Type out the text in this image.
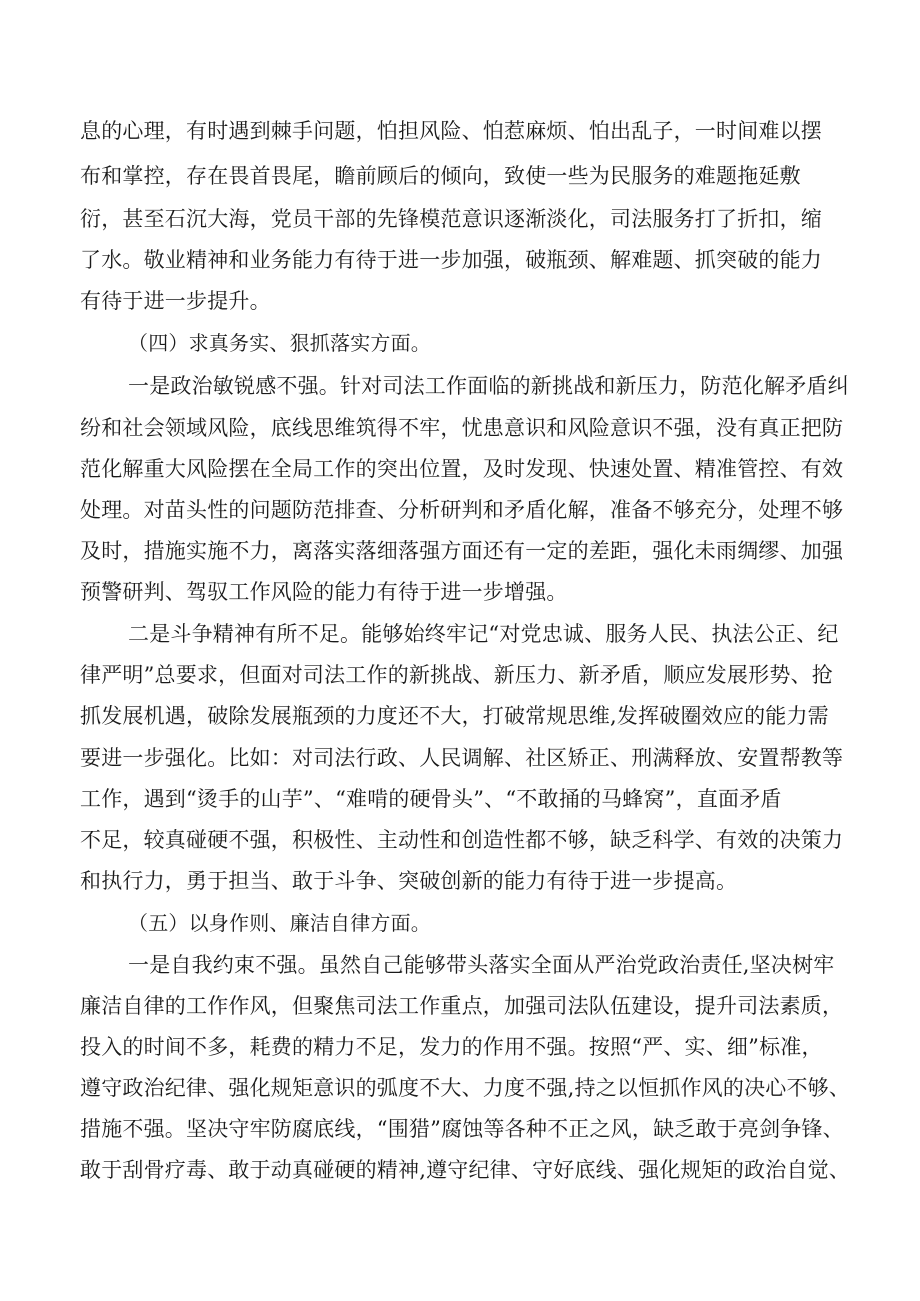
息的心理，有时遇到棘手问题，怕担风险、怕惹麻烦、怕出乱子，一时间难以摆
布和掌控，存在畏首畏尾，瞻前顾后的倾向，致使一些为民服务的难题拖延敷
衍，甚至石沉大海，党员干部的先锋模范意识逐渐淡化，司法服务打了折扣，缩
了水。敬业精神和业务能力有待于进一步加强，破瓶颈、解难题、抓突破的能力
有待于进一步提升。
（四）求真务实、狠抓落实方面。
一是政治敏锐感不强。针对司法工作面临的新挑战和新压力，防范化解矛盾纠
纷和社会领域风险，底线思维筑得不牢，忧患意识和风险意识不强，没有真正把防
范化解重大风险摆在全局工作的突出位置，及时发现、快速处置、精准管控、有效
处理。对苗头性的问题防范排查、分析研判和矛盾化解，准备不够充分，处理不够
及时，措施实施不力，离落实落细落强方面还有一定的差距，强化未雨绸缪、加强
预警研判、驾驭工作风险的能力有待于进一步增强。
二是斗争精神有所不足。能够始终牢记“对党忠诚、服务人民、执法公正、纪
律严明”总要求，但面对司法工作的新挑战、新压力、新矛盾，顺应发展形势、抢
抓发展机遇，破除发展瓶颈的力度还不大，打破常规思维,发挥破圈效应的能力需
要进一步强化。比如：对司法行政、人民调解、社区矫正、刑满释放、安置帮教等
工作，遇到“烫手的山芋”、“难啃的硬骨头”、“不敢捅的马蜂窝”，直面矛盾
不足，较真碰硬不强，积极性、主动性和创造性都不够，缺乏科学、有效的决策力
和执行力，勇于担当、敢于斗争、突破创新的能力有待于进一步提高。
（五）以身作则、廉洁自律方面。
一是自我约束不强。虽然自己能够带头落实全面从严治党政治责任,坚决树牢
廉洁自律的工作作风，但聚焦司法工作重点，加强司法队伍建设，提升司法素质，
投入的时间不多，耗费的精力不足，发力的作用不强。按照“严、实、细”标准，
遵守政治纪律、强化规矩意识的弧度不大、力度不强,持之以恒抓作风的决心不够、
措施不强。坚决守牢防腐底线，“围猎”腐蚀等各种不正之风，缺乏敢于亮剑争锋、
敢于刮骨疗毒、敢于动真碰硬的精神,遵守纪律、守好底线、强化规矩的政治自觉、
